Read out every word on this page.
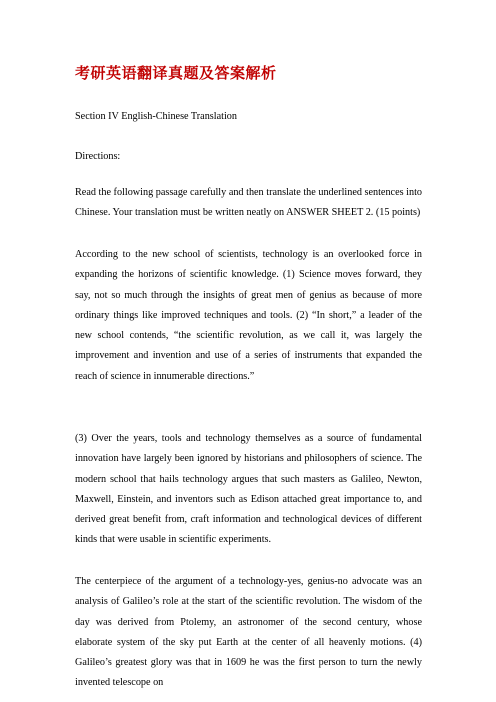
考研英语翻译真题及答案解析
Section IV English-Chinese Translation
Directions:
Read the following passage carefully and then translate the underlined sentences into Chinese. Your translation must be written neatly on ANSWER SHEET 2. (15 points)
According to the new school of scientists, technology is an overlooked force in expanding the horizons of scientific knowledge. (1) Science moves forward, they say, not so much through the insights of great men of genius as because of more ordinary things like improved techniques and tools. (2) “In short,” a leader of the new school contends, “the scientific revolution, as we call it, was largely the improvement and invention and use of a series of instruments that expanded the reach of science in innumerable directions.”
(3) Over the years, tools and technology themselves as a source of fundamental innovation have largely been ignored by historians and philosophers of science. The modern school that hails technology argues that such masters as Galileo, Newton, Maxwell, Einstein, and inventors such as Edison attached great importance to, and derived great benefit from, craft information and technological devices of different kinds that were usable in scientific experiments.
The centerpiece of the argument of a technology-yes, genius-no advocate was an analysis of Galileo’s role at the start of the scientific revolution. The wisdom of the day was derived from Ptolemy, an astronomer of the second century, whose elaborate system of the sky put Earth at the center of all heavenly motions. (4) Galileo’s greatest glory was that in 1609 he was the first person to turn the newly invented telescope on
